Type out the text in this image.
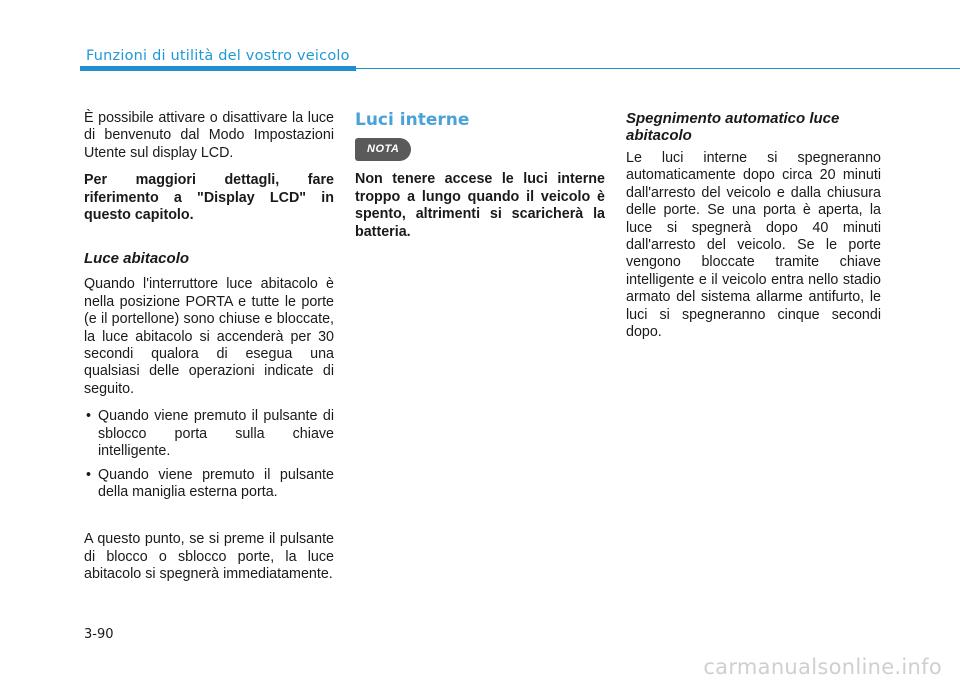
Funzioni di utilità del vostro veicolo

È possibile attivare o disattivare la luce di benvenuto dal Modo Impostazioni Utente sul display LCD.

Per maggiori dettagli, fare riferimento a "Display LCD" in questo capitolo.

Luce abitacolo

Quando l'interruttore luce abitacolo è nella posizione PORTA e tutte le porte (e il portellone) sono chiuse e bloccate, la luce abitacolo si accenderà per 30 secondi qualora di esegua una qualsiasi delle operazioni indicate di seguito.

• Quando viene premuto il pulsante di sblocco porta sulla chiave intelligente.
• Quando viene premuto il pulsante della maniglia esterna porta.

A questo punto, se si preme il pulsante di blocco o sblocco porte, la luce abitacolo si spegnerà immediatamente.

Luci interne
NOTA

Non tenere accese le luci interne troppo a lungo quando il veicolo è spento, altrimenti si scaricherà la batteria.

Spegnimento automatico luce abitacolo

Le luci interne si spegneranno automaticamente dopo circa 20 minuti dall'arresto del veicolo e dalla chiusura delle porte. Se una porta è aperta, la luce si spegnerà dopo 40 minuti dall'arresto del veicolo. Se le porte vengono bloccate tramite chiave intelligente e il veicolo entra nello stadio armato del sistema allarme antifurto, le luci si spegneranno cinque secondi dopo.

3-90
carmanualsonline.info
